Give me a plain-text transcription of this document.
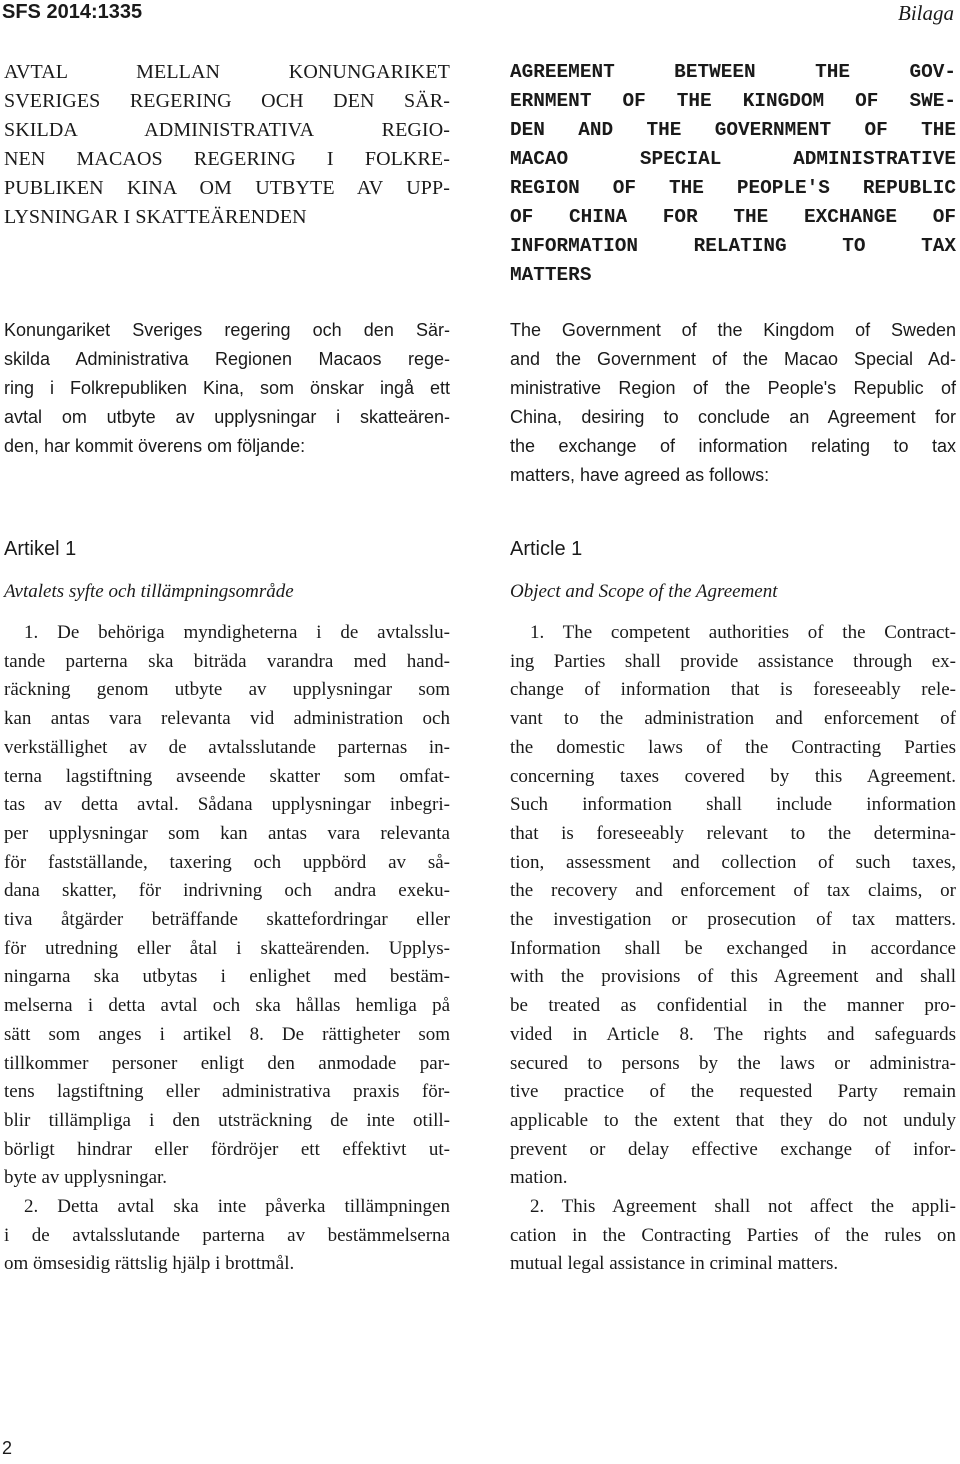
SFS 2014:1335	Bilaga
AVTAL MELLAN KONUNGARIKET
SVERIGES REGERING OCH DEN SÄR-
SKILDA ADMINISTRATIVA REGIO-
NEN MACAOS REGERING I FOLKRE-
PUBLIKEN KINA OM UTBYTE AV UPP-
LYSNINGAR I SKATTEÄRENDEN
Konungariket Sveriges regering och den Sär-
skilda Administrativa Regionen Macaos rege-
ring i Folkrepubliken Kina, som önskar ingå ett
avtal om utbyte av upplysningar i skatteären-
den, har kommit överens om följande:
Artikel 1
Avtalets syfte och tillämpningsområde
1. De behöriga myndigheterna i de avtalsslu-
tande parterna ska biträda varandra med hand-
räckning genom utbyte av upplysningar som
kan antas vara relevanta vid administration och
verkställighet av de avtalsslutande parternas in-
terna lagstiftning avseende skatter som omfat-
tas av detta avtal. Sådana upplysningar inbegri-
per upplysningar som kan antas vara relevanta
för fastställande, taxering och uppbörd av så-
dana skatter, för indrivning och andra exeku-
tiva åtgärder beträffande skattefordringar eller
för utredning eller åtal i skatteärenden. Upplys-
ningarna ska utbytas i enlighet med bestäm-
melserna i detta avtal och ska hållas hemliga på
sätt som anges i artikel 8. De rättigheter som
tillkommer personer enligt den anmodade par-
tens lagstiftning eller administrativa praxis för-
blir tillämpliga i den utsträckning de inte otill-
börligt hindrar eller fördröjer ett effektivt ut-
byte av upplysningar.
2. Detta avtal ska inte påverka tillämpningen
i de avtalsslutande parterna av bestämmelserna
om ömsesidig rättslig hjälp i brottmål.
AGREEMENT BETWEEN THE GOV-
ERNMENT OF THE KINGDOM OF SWE-
DEN AND THE GOVERNMENT OF THE
MACAO SPECIAL ADMINISTRATIVE
REGION OF THE PEOPLE'S REPUBLIC
OF CHINA FOR THE EXCHANGE OF
INFORMATION RELATING TO TAX
MATTERS
The Government of the Kingdom of Sweden
and the Government of the Macao Special Ad-
ministrative Region of the People's Republic of
China, desiring to conclude an Agreement for
the exchange of information relating to tax
matters, have agreed as follows:
Article 1
Object and Scope of the Agreement
1. The competent authorities of the Contract-
ing Parties shall provide assistance through ex-
change of information that is foreseeably rele-
vant to the administration and enforcement of
the domestic laws of the Contracting Parties
concerning taxes covered by this Agreement.
Such information shall include information
that is foreseeably relevant to the determina-
tion, assessment and collection of such taxes,
the recovery and enforcement of tax claims, or
the investigation or prosecution of tax matters.
Information shall be exchanged in accordance
with the provisions of this Agreement and shall
be treated as confidential in the manner pro-
vided in Article 8. The rights and safeguards
secured to persons by the laws or administra-
tive practice of the requested Party remain
applicable to the extent that they do not unduly
prevent or delay effective exchange of infor-
mation.
2. This Agreement shall not affect the appli-
cation in the Contracting Parties of the rules on
mutual legal assistance in criminal matters.
2
